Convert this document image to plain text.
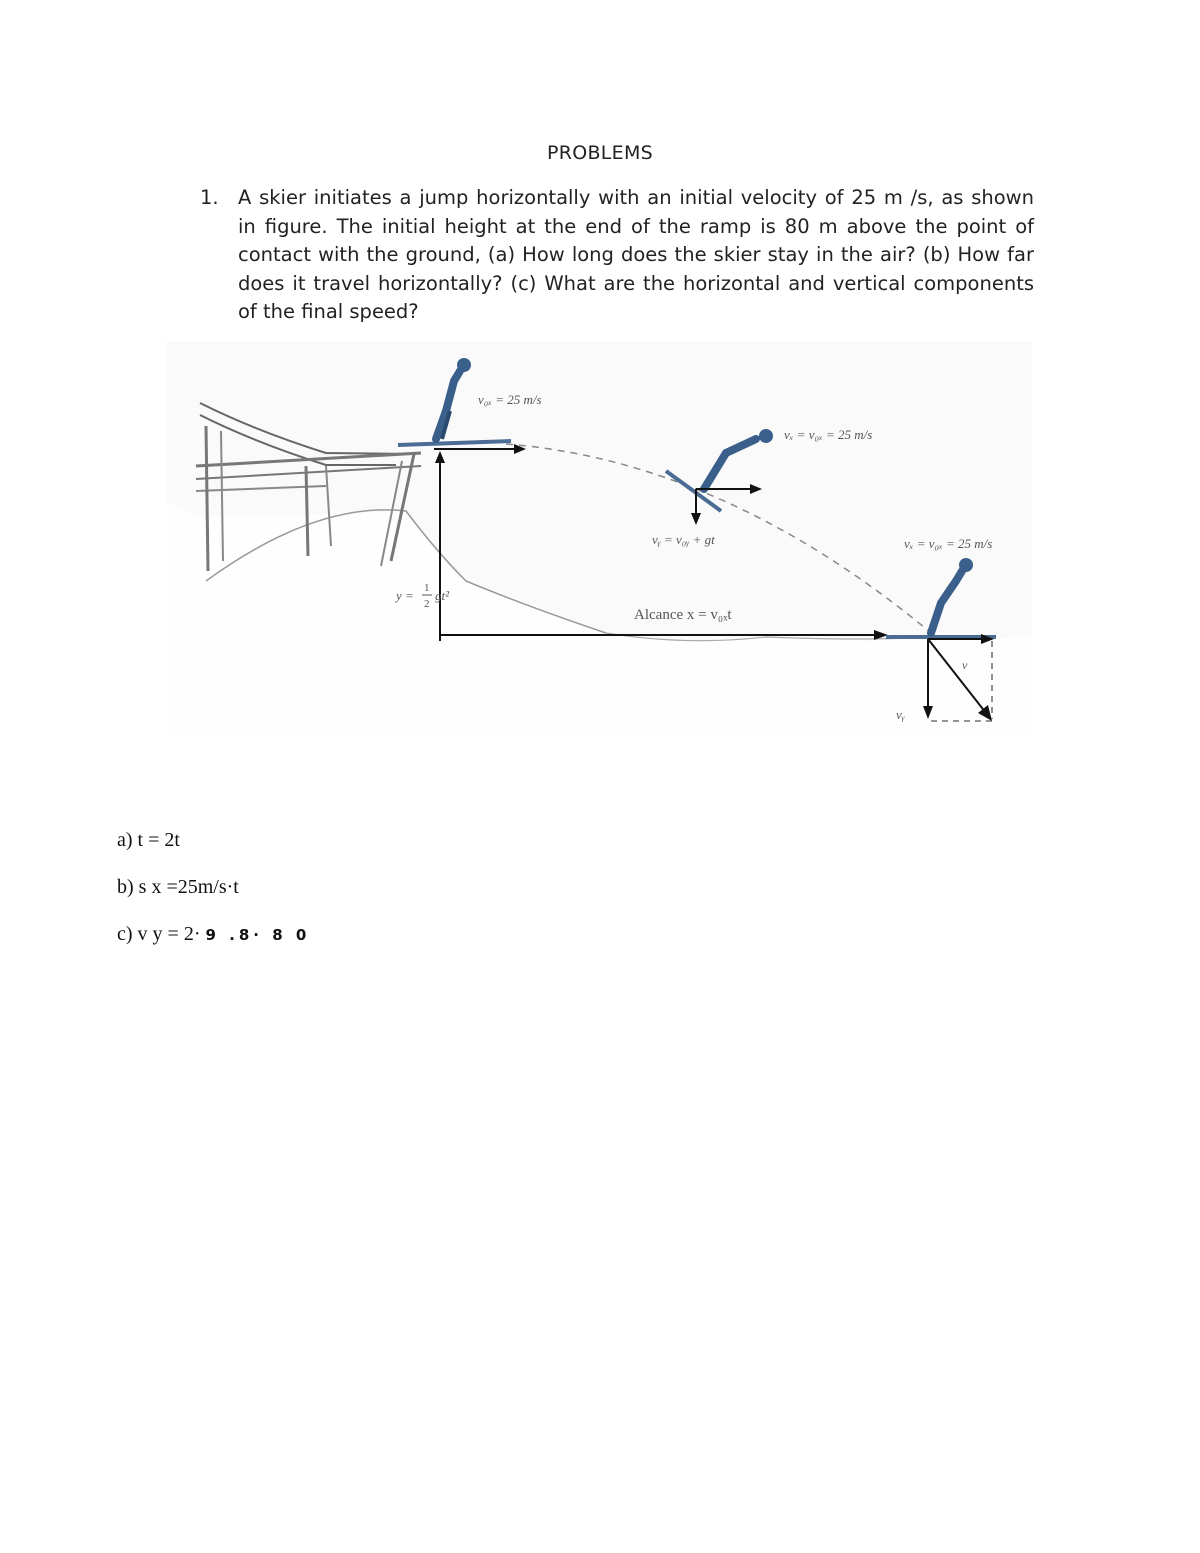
PROBLEMS
1. A skier initiates a jump horizontally with an initial velocity of 25 m /s, as shown in figure. The initial height at the end of the ramp is 80 m above the point of contact with the ground, (a) How long does the skier stay in the air? (b) How far does it travel horizontally? (c) What are the horizontal and vertical components of the final speed?
v₀ₓ = 25 m/s
vₓ = v₀ₓ = 25 m/s
vᵧ = v₀ᵧ + gt	vₓ = v₀ₓ = 25 m/s
y = 1
2
gt²
Alcance x = v₀ₓt
v
vᵧ
a) t = 2t
b) s x =25m/s·t
c) v y = 2· 9 .8· 8 0
